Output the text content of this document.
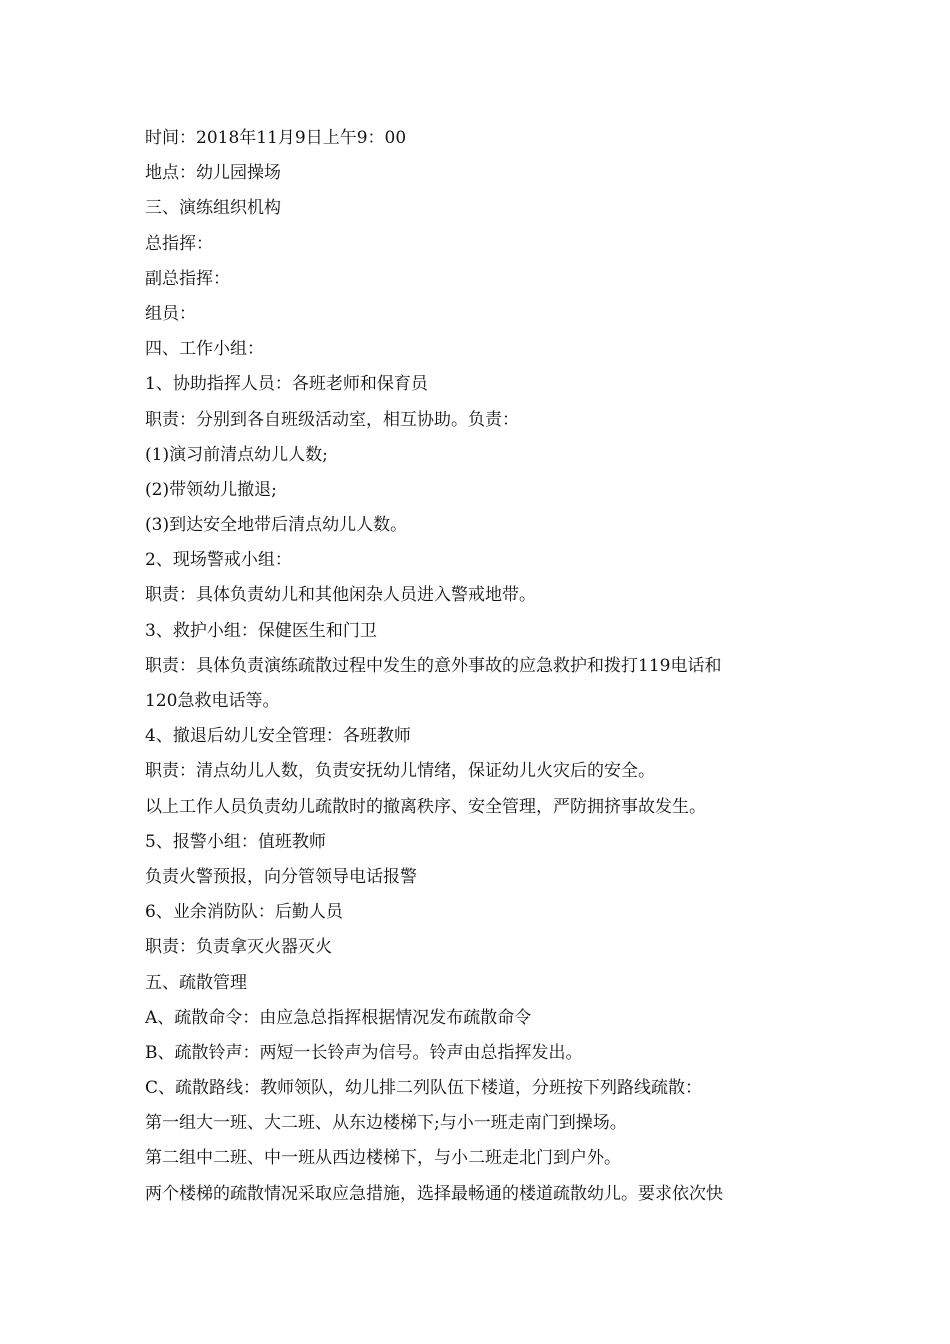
时间：2018年11月9日上午9：00

地点：幼儿园操场

三、演练组织机构

总指挥：

副总指挥：

组员：

四、工作小组：

1、协助指挥人员：各班老师和保育员

职责：分别到各自班级活动室，相互协助。负责：

(1)演习前清点幼儿人数;

(2)带领幼儿撤退;

(3)到达安全地带后清点幼儿人数。

2、现场警戒小组：

职责：具体负责幼儿和其他闲杂人员进入警戒地带。

3、救护小组：保健医生和门卫

职责：具体负责演练疏散过程中发生的意外事故的应急救护和拨打119电话和

120急救电话等。

4、撤退后幼儿安全管理：各班教师

职责：清点幼儿人数，负责安抚幼儿情绪，保证幼儿火灾后的安全。

以上工作人员负责幼儿疏散时的撤离秩序、安全管理，严防拥挤事故发生。

5、报警小组：值班教师

负责火警预报，向分管领导电话报警

6、业余消防队：后勤人员

职责：负责拿灭火器灭火

五、疏散管理

A、疏散命令：由应急总指挥根据情况发布疏散命令

B、疏散铃声：两短一长铃声为信号。铃声由总指挥发出。

C、疏散路线：教师领队，幼儿排二列队伍下楼道，分班按下列路线疏散：

第一组大一班、大二班、从东边楼梯下;与小一班走南门到操场。

第二组中二班、中一班从西边楼梯下，与小二班走北门到户外。

两个楼梯的疏散情况采取应急措施，选择最畅通的楼道疏散幼儿。要求依次快
